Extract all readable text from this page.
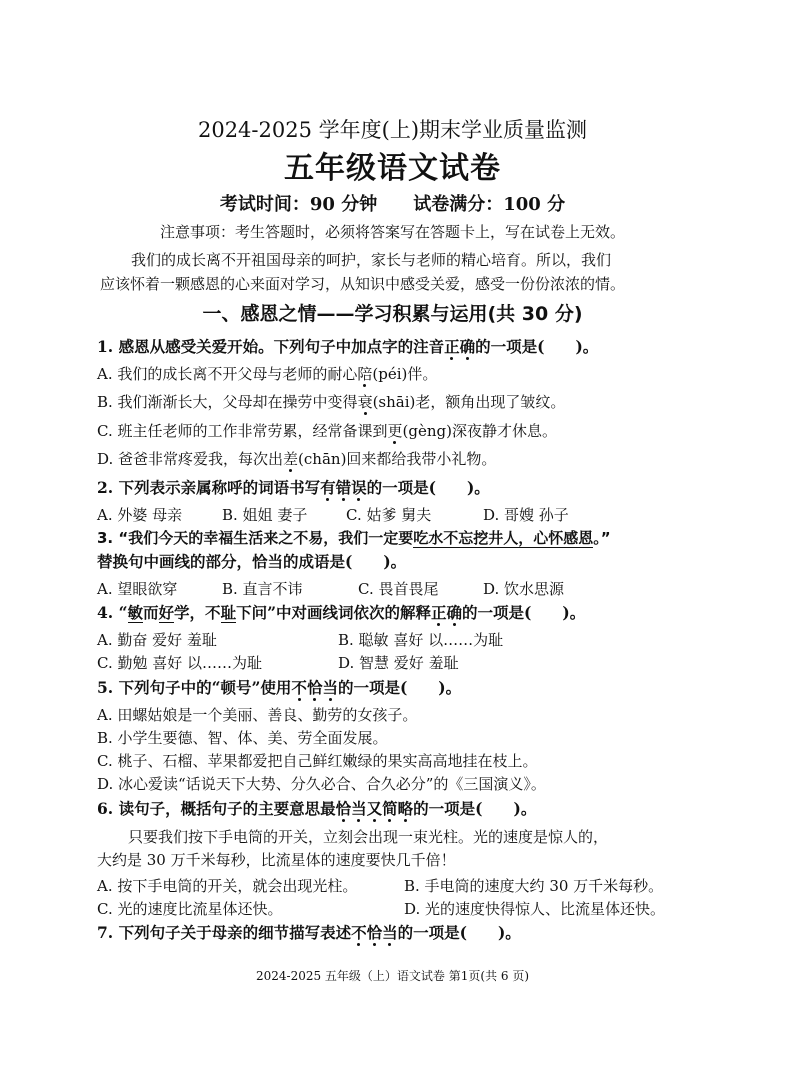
2024-2025 学年度(上)期末学业质量监测
五年级语文试卷
考试时间：90 分钟 试卷满分：100 分
注意事项：考生答题时，必须将答案写在答题卡上，写在试卷上无效。
我们的成长离不开祖国母亲的呵护，家长与老师的精心培育。所以，我们
应该怀着一颗感恩的心来面对学习，从知识中感受关爱，感受一份份浓浓的情。
一、感恩之情——学习积累与运用(共 30 分)
1. 感恩从感受关爱开始。下列句子中加点字的注音正确的一项是(　　)。
A. 我们的成长离不开父母与老师的耐心陪(péi)伴。
B. 我们渐渐长大，父母却在操劳中变得衰(shāi)老，额角出现了皱纹。
C. 班主任老师的工作非常劳累，经常备课到更(gèng)深夜静才休息。
D. 爸爸非常疼爱我，每次出差(chān)回来都给我带小礼物。
2. 下列表示亲属称呼的词语书写有错误的一项是(　　)。
A. 外婆 母亲	B. 姐姐 妻子	C. 姑爹 舅夫	D. 哥嫂 孙子
3. “我们今天的幸福生活来之不易，我们一定要吃水不忘挖井人，心怀感恩。”
替换句中画线的部分，恰当的成语是(　　)。
A. 望眼欲穿	B. 直言不讳	C. 畏首畏尾	D. 饮水思源
4. “敏而好学，不耻下问”中对画线词依次的解释正确的一项是(　　)。
A. 勤奋 爱好 羞耻	B. 聪敏 喜好 以……为耻
C. 勤勉 喜好 以……为耻	D. 智慧 爱好 羞耻
5. 下列句子中的“顿号”使用不恰当的一项是(　　)。
A. 田螺姑娘是一个美丽、善良、勤劳的女孩子。
B. 小学生要德、智、体、美、劳全面发展。
C. 桃子、石榴、苹果都爱把自己鲜红嫩绿的果实高高地挂在枝上。
D. 冰心爱读“话说天下大势、分久必合、合久必分”的《三国演义》。
6. 读句子，概括句子的主要意思最恰当又简略的一项是(　　)。
只要我们按下手电筒的开关，立刻会出现一束光柱。光的速度是惊人的，
大约是 30 万千米每秒，比流星体的速度要快几千倍！
A. 按下手电筒的开关，就会出现光柱。	B. 手电筒的速度大约 30 万千米每秒。
C. 光的速度比流星体还快。	D. 光的速度快得惊人、比流星体还快。
7. 下列句子关于母亲的细节描写表述不恰当的一项是(　　)。
2024-2025 五年级（上）语文试卷 第1页(共 6 页)
